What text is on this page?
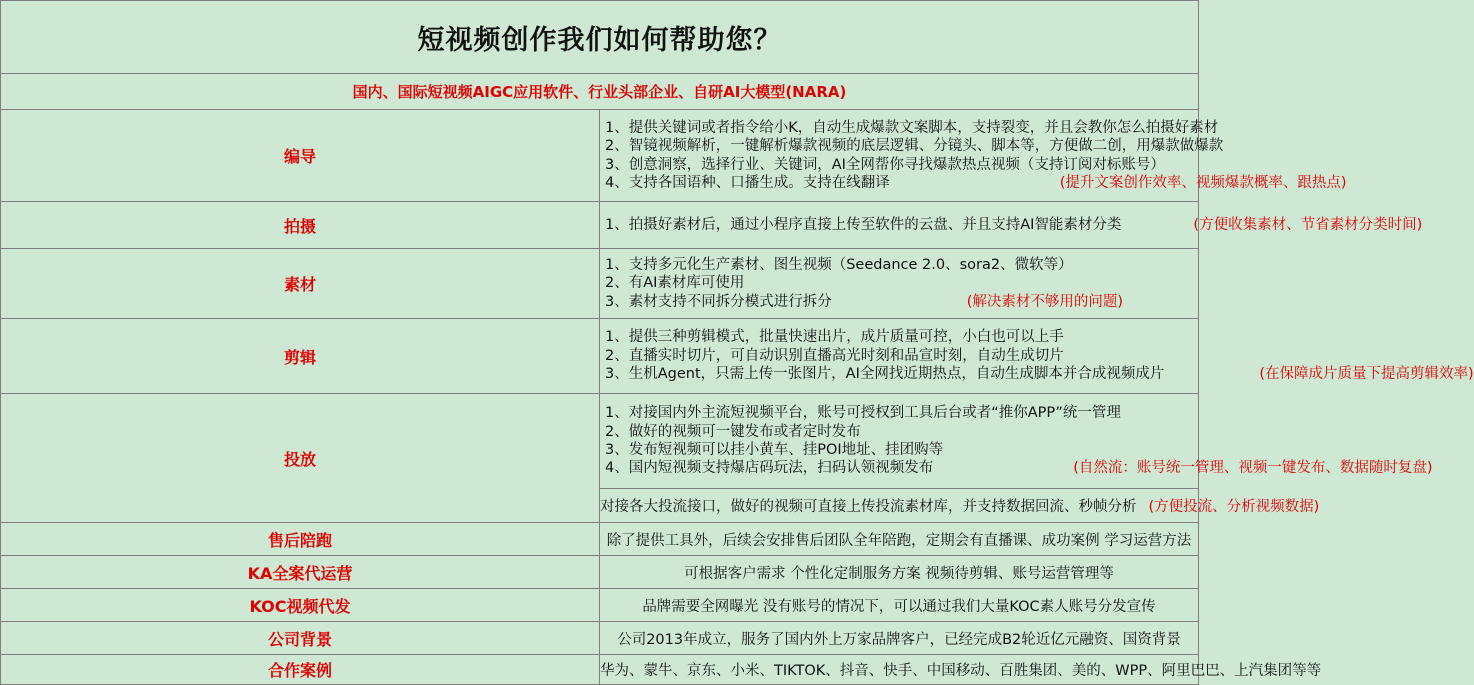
短视频创作我们如何帮助您？	
国内、国际短视频AIGC应用软件、行业头部企业、自研AI大模型(NARA)	
编导	1、提供关键词或者指令给小K，自动生成爆款文案脚本，支持裂变，并且会教你怎么拍摄好素材
2、智镜视频解析，一键解析爆款视频的底层逻辑、分镜头、脚本等，方便做二创，用爆款做爆款
3、创意洞察，选择行业、关键词，AI全网帮你寻找爆款热点视频（支持订阅对标账号）
4、支持各国语种、口播生成。支持在线翻译 (提升文案创作效率、视频爆款概率、跟热点)

拍摄	1、拍摄好素材后，通过小程序直接上传至软件的云盘、并且支持AI智能素材分类 (方便收集素材、节省素材分类时间)

素材	1、支持多元化生产素材、图生视频（Seedance 2.0、sora2、微软等）
2、有AI素材库可使用
3、素材支持不同拆分模式进行拆分 (解决素材不够用的问题)

剪辑	1、提供三种剪辑模式，批量快速出片，成片质量可控，小白也可以上手
2、直播实时切片，可自动识别直播高光时刻和品宣时刻，自动生成切片
3、生机Agent，只需上传一张图片，AI全网找近期热点，自动生成脚本并合成视频成片 (在保障成片质量下提高剪辑效率)

投放	1、对接国内外主流短视频平台，账号可授权到工具后台或者“推你APP”统一管理
2、做好的视频可一键发布或者定时发布
3、发布短视频可以挂小黄车、挂POI地址、挂团购等
4、国内短视频支持爆店码玩法，扫码认领视频发布 (自然流：账号统一管理、视频一键发布、数据随时复盘)

	对接各大投流接口，做好的视频可直接上传投流素材库，并支持数据回流、秒帧分析 (方便投流、分析视频数据)
售后陪跑	除了提供工具外，后续会安排售后团队全年陪跑，定期会有直播课、成功案例 学习运营方法
KA全案代运营	可根据客户需求 个性化定制服务方案 视频待剪辑、账号运营管理等
KOC视频代发	品牌需要全网曝光 没有账号的情况下，可以通过我们大量KOC素人账号分发宣传
公司背景	公司2013年成立，服务了国内外上万家品牌客户，已经完成B2轮近亿元融资、国资背景
合作案例	华为、蒙牛、京东、小米、TIKTOK、抖音、快手、中国移动、百胜集团、美的、WPP、阿里巴巴、上汽集团等等
